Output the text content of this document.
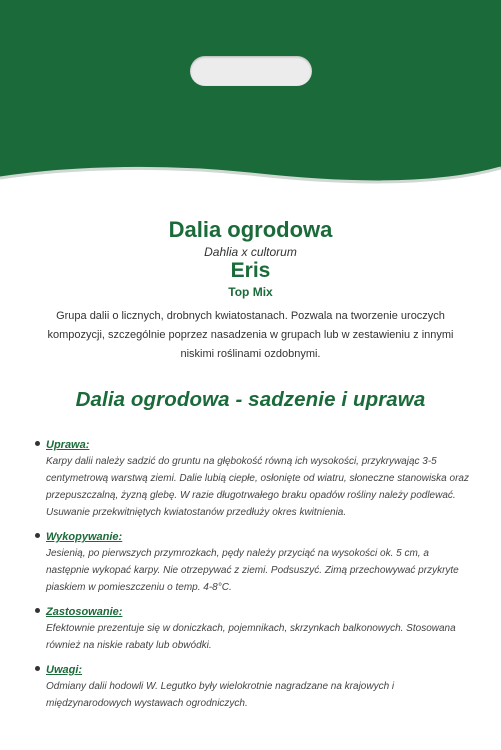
Dalia ogrodowa
Dahlia x cultorum
Eris
Top Mix
Grupa dalii o licznych, drobnych kwiatostanach. Pozwala na tworzenie uroczych kompozycji, szczególnie poprzez nasadzenia w grupach lub w zestawieniu z innymi niskimi roślinami ozdobnymi.
Dalia ogrodowa - sadzenie i uprawa
Uprawa:
Karpy dalii należy sadzić do gruntu na głębokość równą ich wysokości, przykrywając 3-5 centymetrową warstwą ziemi. Dalie lubią ciepłe, osłonięte od wiatru, słoneczne stanowiska oraz przepuszczalną, żyzną glebę. W razie długotrwałego braku opadów rośliny należy podlewać. Usuwanie przekwitniętych kwiatostanów przedłuży okres kwitnienia.
Wykopywanie:
Jesienią, po pierwszych przymrozkach, pędy należy przyciąć na wysokości ok. 5 cm, a następnie wykopać karpy. Nie otrzepywać z ziemi. Podsuszyć. Zimą przechowywać przykryte piaskiem w pomieszczeniu o temp. 4-8°C.
Zastosowanie:
Efektownie prezentuje się w doniczkach, pojemnikach, skrzynkach balkonowych. Stosowana również na niskie rabaty lub obwódki.
Uwagi:
Odmiany dalii hodowli W. Legutko były wielokrotnie nagradzane na krajowych i międzynarodowych wystawach ogrodniczych.
